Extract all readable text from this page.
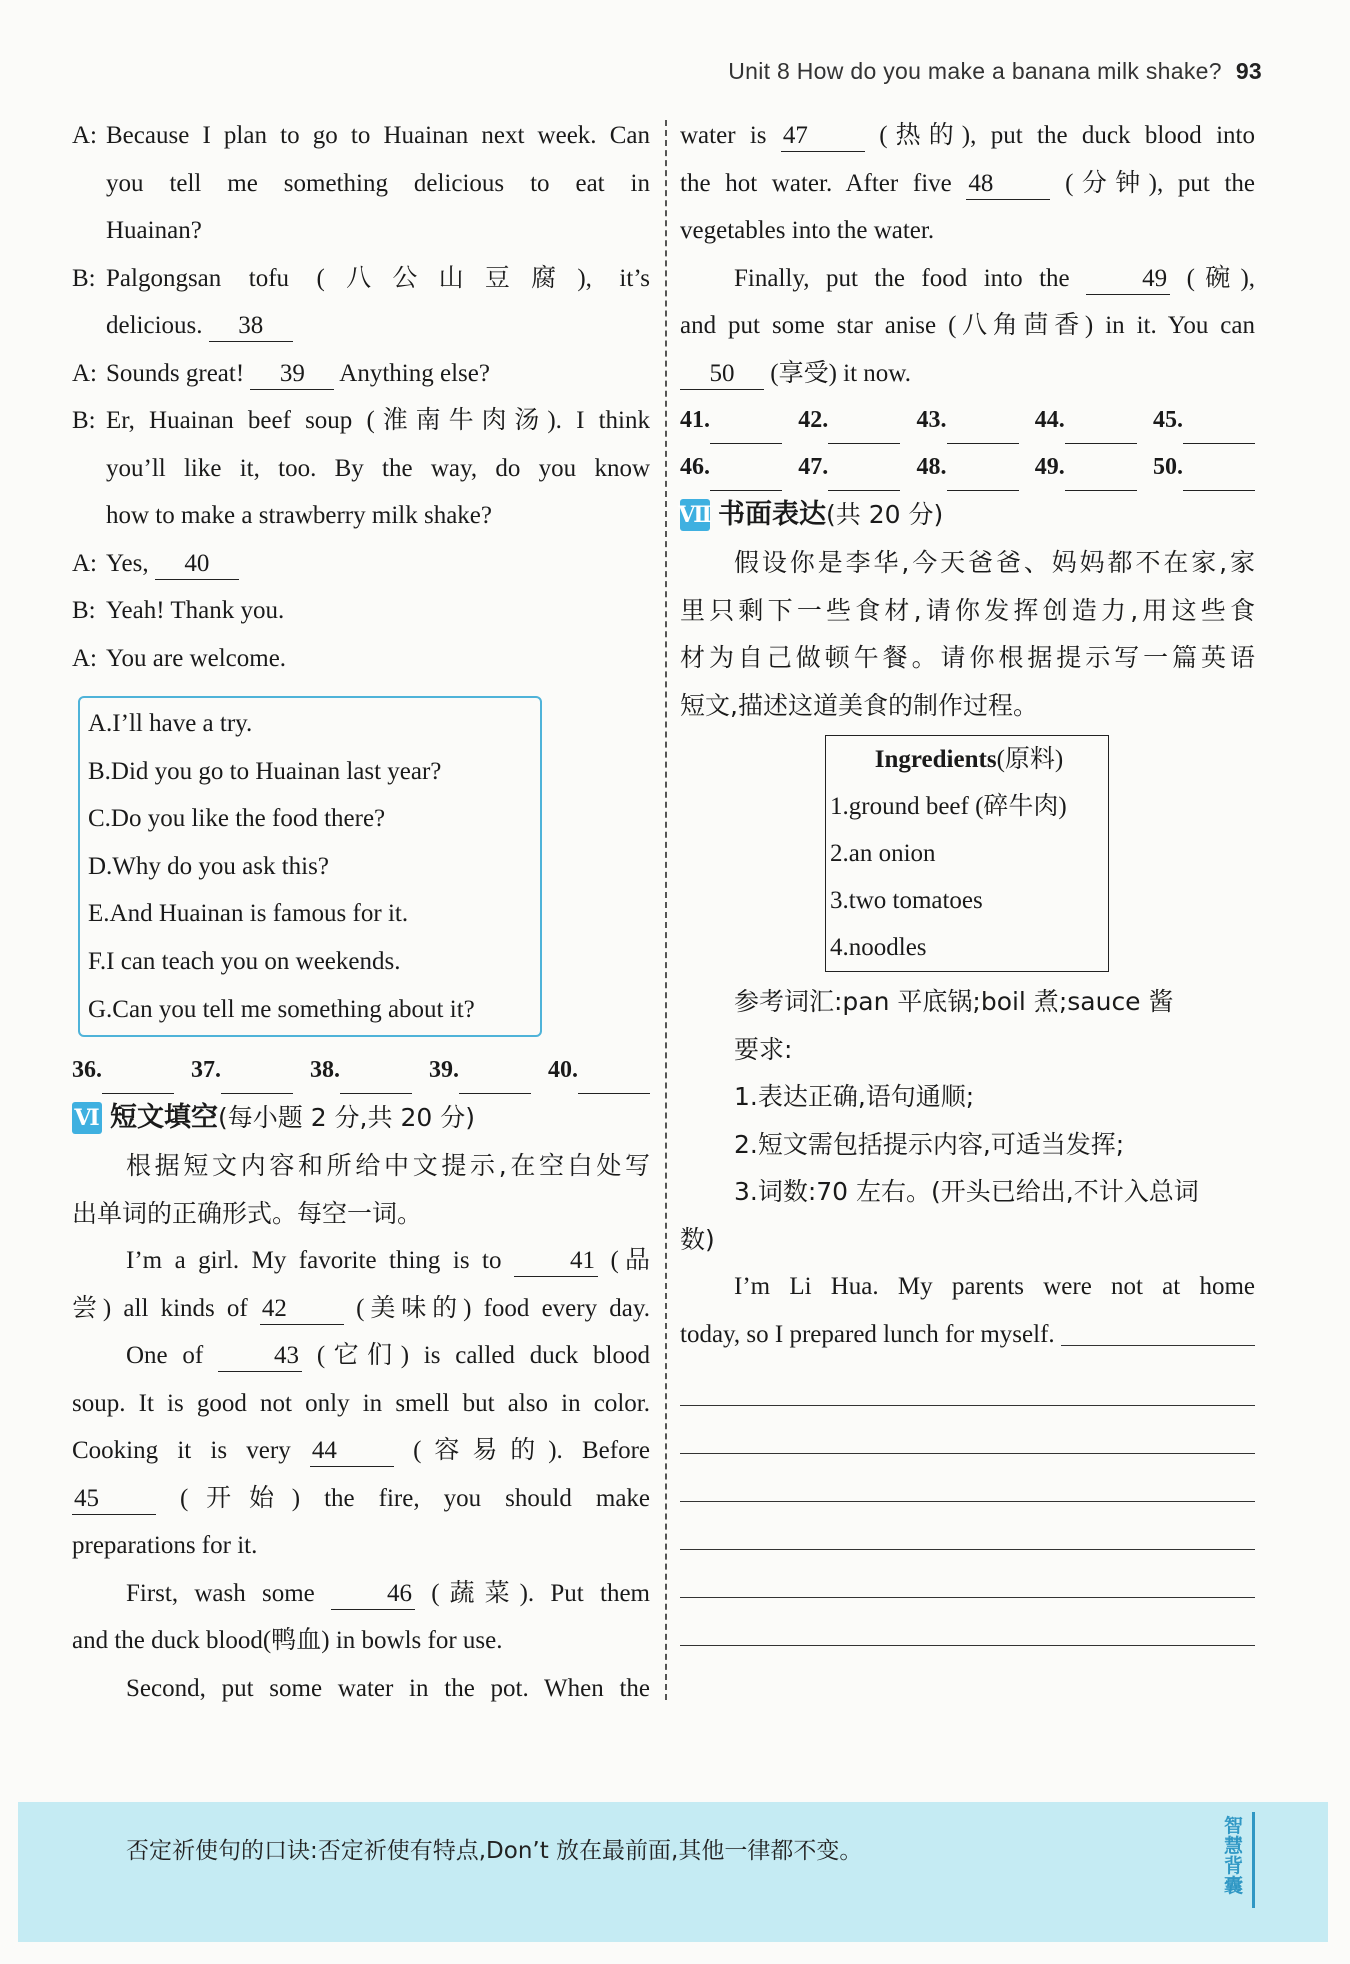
Unit 8 How do you make a banana milk shake? 93
A: Because I plan to go to Huainan next week. Can
you tell me something delicious to eat in
Huainan?
B: Palgongsan tofu (八公山豆腐), it’s
delicious. 38
A: Sounds great! 39 Anything else?
B: Er, Huainan beef soup (淮南牛肉汤). I think
you’ll like it, too. By the way, do you know
how to make a strawberry milk shake?
A: Yes, 40
B: Yeah! Thank you.
A: You are welcome.
A.I’ll have a try.
B.Did you go to Huainan last year?
C.Do you like the food there?
D.Why do you ask this?
E.And Huainan is famous for it.
F.I can teach you on weekends.
G.Can you tell me something about it?
36.	37.	38.	39.	40.
Ⅵ 短文填空 (每小题 2 分,共 20 分)
根据短文内容和所给中文提示,在空白处写
出单词的正确形式。每空一词。
I’m a girl. My favorite thing is to	41 (品
尝) all kinds of 42	(美味的) food every day.
One of	43 (它们) is called duck blood
soup. It is good not only in smell but also in color.
Cooking it is very 44	(容易的). Before
45	(开始) the fire, you should make
preparations for it.
First, wash some	46 (蔬菜). Put them
and the duck blood(鸭血) in bowls for use.
Second, put some water in the pot. When the
water is 47	(热的), put the duck blood into
the hot water. After five 48	(分钟), put the
vegetables into the water.
Finally, put the food into the	49 (碗),
and put some star anise (八角茴香) in it. You can
50 (享受) it now.
41.	42.	43.	44.	45.
46.	47.	48.	49.	50.
Ⅶ 书面表达 (共 20 分)
假设你是李华,今天爸爸、妈妈都不在家,家
里只剩下一些食材,请你发挥创造力,用这些食
材为自己做顿午餐。请你根据提示写一篇英语
短文,描述这道美食的制作过程。
Ingredients(原料)
1.ground beef (碎牛肉)
2.an onion
3.two tomatoes
4.noodles
参考词汇:pan 平底锅;boil 煮;sauce 酱
要求:
1.表达正确,语句通顺;
2.短文需包括提示内容,可适当发挥;
3.词数:70 左右。(开头已给出,不计入总词
数)
I’m Li Hua. My parents were not at home
today, so I prepared lunch for myself.
否定祈使句的口诀:否定祈使有特点,Don’t 放在最前面,其他一律都不变。
智慧背囊
